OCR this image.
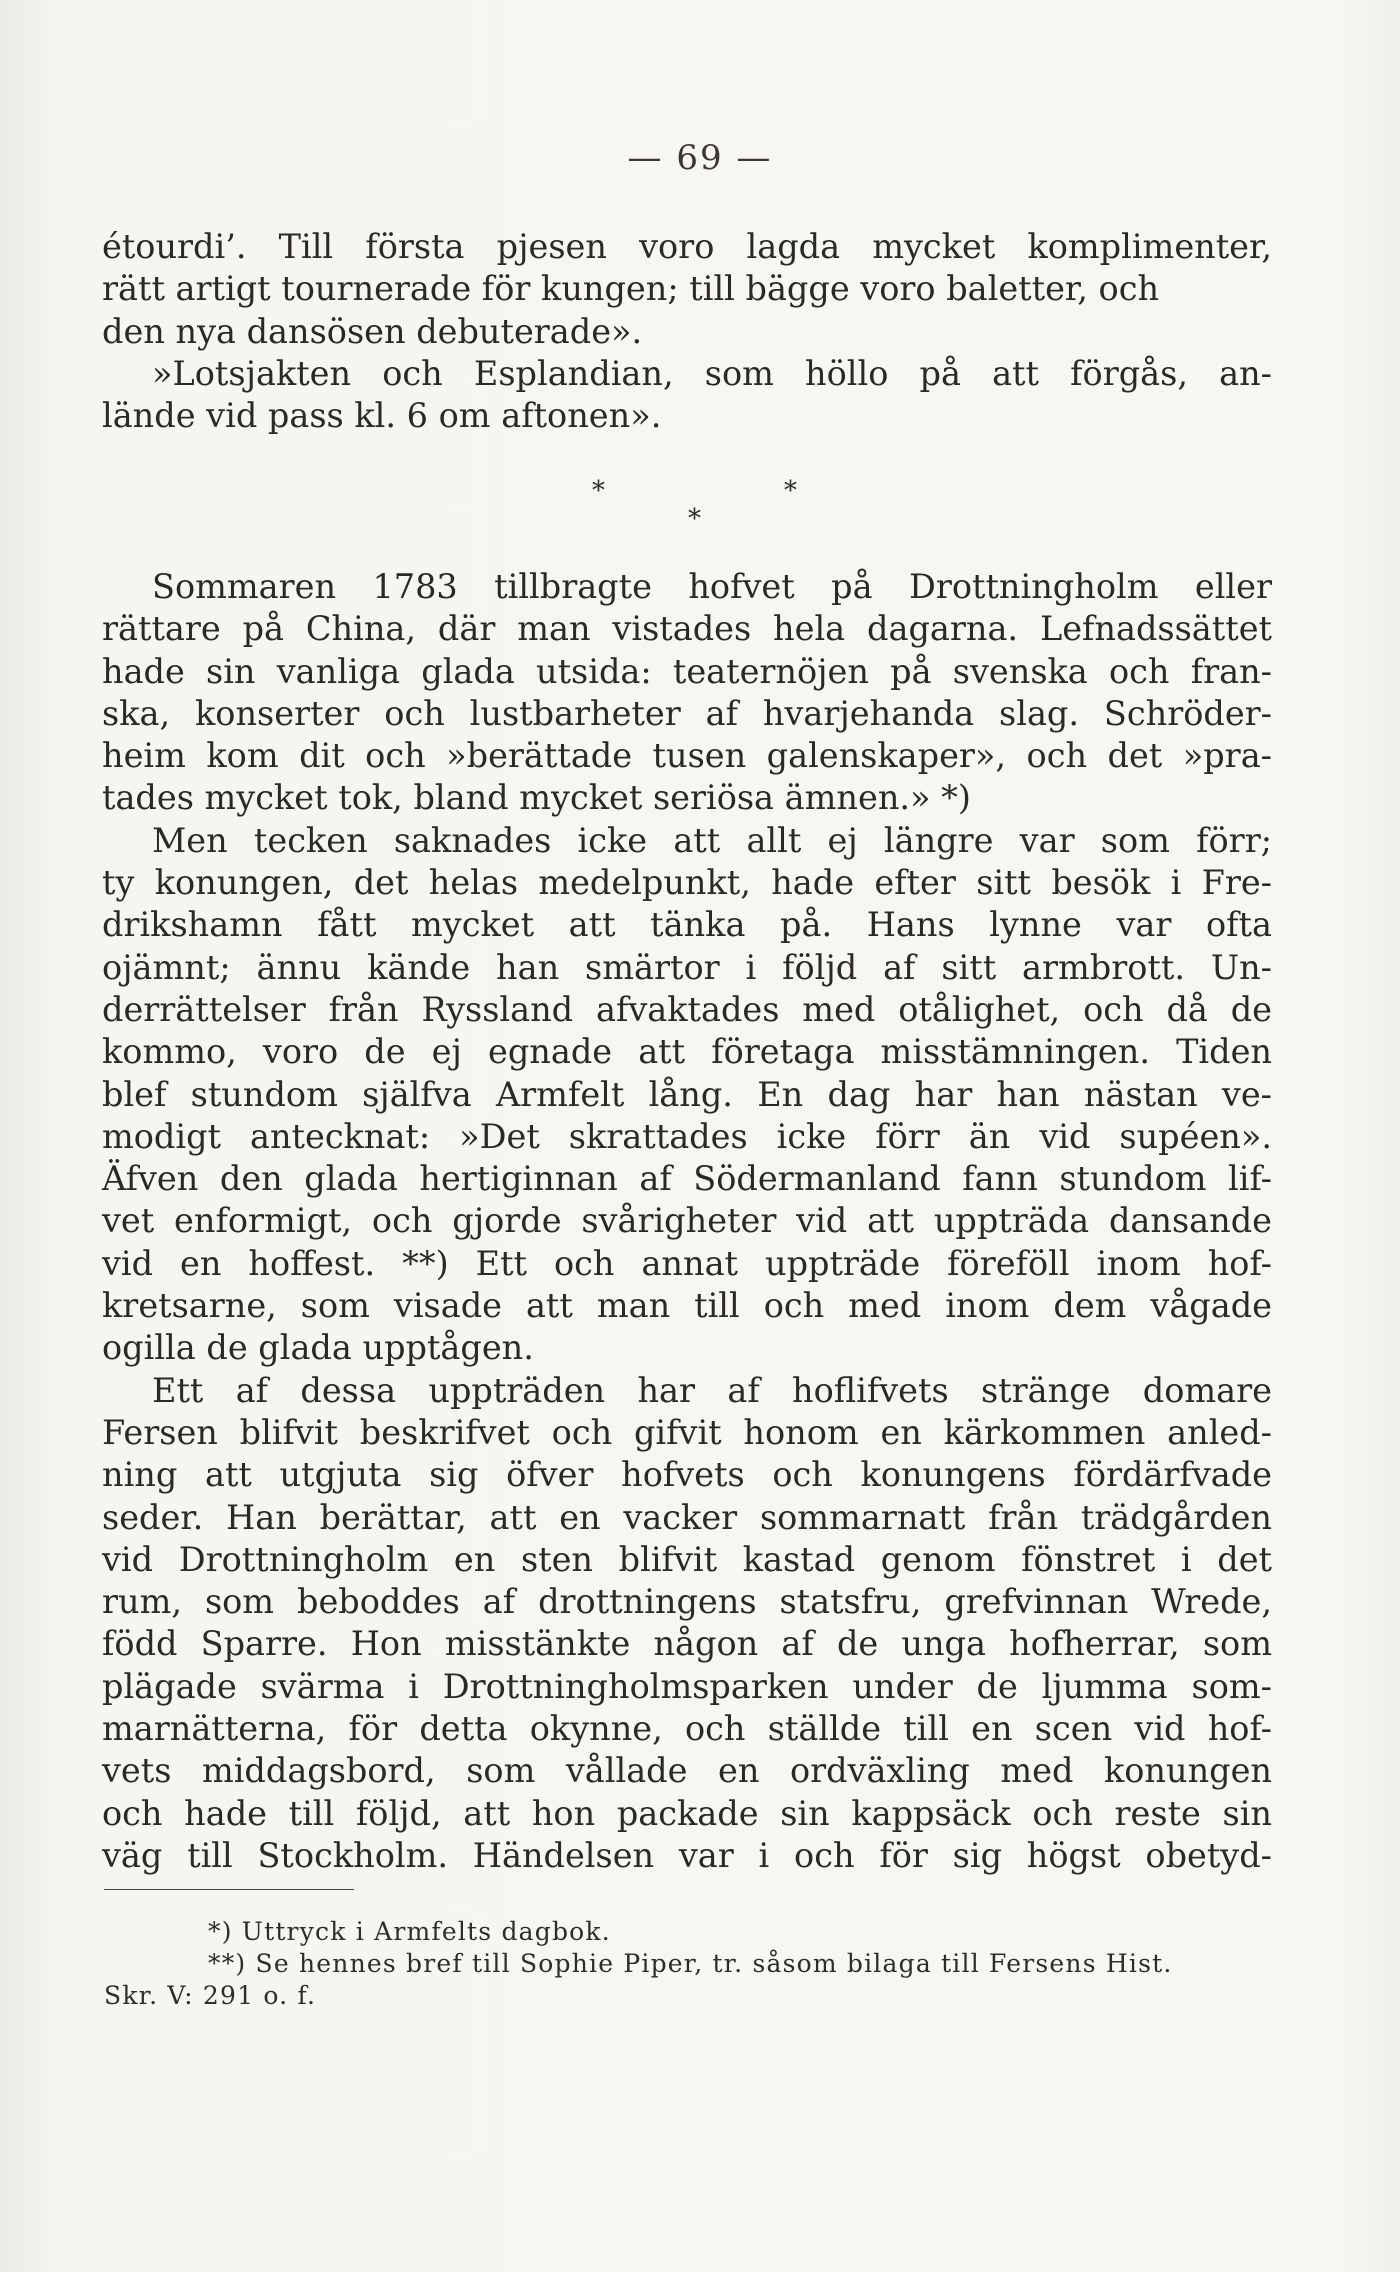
— 69 —
étourdi’. Till första pjesen voro lagda mycket komplimenter,
rätt artigt tournerade för kungen; till bägge voro baletter, och
den nya dansösen debuterade».
»Lotsjakten och Esplandian, som höllo på att förgås, an-
lände vid pass kl. 6 om aftonen».
*	*
*
Sommaren 1783 tillbragte hofvet på Drottningholm eller
rättare på China, där man vistades hela dagarna. Lefnadssättet
hade sin vanliga glada utsida: teaternöjen på svenska och fran-
ska, konserter och lustbarheter af hvarjehanda slag. Schröder-
heim kom dit och »berättade tusen galenskaper», och det »pra-
tades mycket tok, bland mycket seriösa ämnen.» *)
Men tecken saknades icke att allt ej längre var som förr;
ty konungen, det helas medelpunkt, hade efter sitt besök i Fre-
drikshamn fått mycket att tänka på. Hans lynne var ofta
ojämnt; ännu kände han smärtor i följd af sitt armbrott. Un-
derrättelser från Ryssland afvaktades med otålighet, och då de
kommo, voro de ej egnade att företaga misstämningen. Tiden
blef stundom själfva Armfelt lång. En dag har han nästan ve-
modigt antecknat: »Det skrattades icke förr än vid supéen».
Äfven den glada hertiginnan af Södermanland fann stundom lif-
vet enformigt, och gjorde svårigheter vid att uppträda dansande
vid en hoffest. **) Ett och annat uppträde föreföll inom hof-
kretsarne, som visade att man till och med inom dem vågade
ogilla de glada upptågen.
Ett af dessa uppträden har af hoflifvets stränge domare
Fersen blifvit beskrifvet och gifvit honom en kärkommen anled-
ning att utgjuta sig öfver hofvets och konungens fördärfvade
seder. Han berättar, att en vacker sommarnatt från trädgården
vid Drottningholm en sten blifvit kastad genom fönstret i det
rum, som beboddes af drottningens statsfru, grefvinnan Wrede,
född Sparre. Hon misstänkte någon af de unga hofherrar, som
plägade svärma i Drottningholmsparken under de ljumma som-
marnätterna, för detta okynne, och ställde till en scen vid hof-
vets middagsbord, som vållade en ordväxling med konungen
och hade till följd, att hon packade sin kappsäck och reste sin
väg till Stockholm. Händelsen var i och för sig högst obetyd-
*) Uttryck i Armfelts dagbok.
**) Se hennes bref till Sophie Piper, tr. såsom bilaga till Fersens Hist.
Skr. V: 291 o. f.
